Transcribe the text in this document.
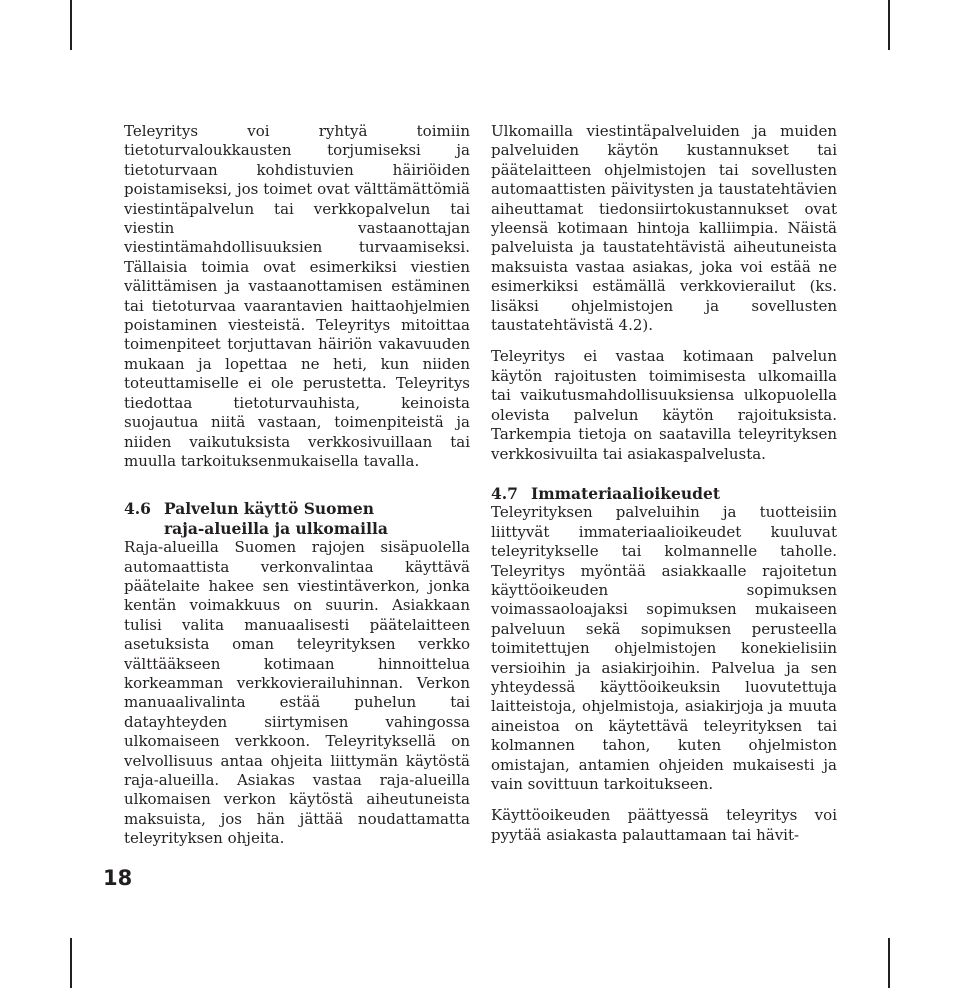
Teleyritys voi ryhtyä toimiin tietoturvaloukkausten torjumiseksi ja tietoturvaan kohdistuvien häiriöiden poistamiseksi, jos toimet ovat välttämättömiä viestintäpalvelun tai verkkopalvelun tai viestin vastaanottajan viestintämahdollisuuksien turvaamiseksi. Tällaisia toimia ovat esimerkiksi viestien välittämisen ja vastaanottamisen estäminen tai tietoturvaa vaarantavien haittaohjelmien poistaminen viesteistä. Teleyritys mitoittaa toimenpiteet torjuttavan häiriön vakavuuden mukaan ja lopettaa ne heti, kun niiden toteuttamiselle ei ole perustetta. Teleyritys tiedottaa tietoturvauhista, keinoista suojautua niitä vastaan, toimenpiteistä ja niiden vaikutuksista verkkosivuillaan tai muulla tarkoituksenmukaisella tavalla.

4.6 Palvelun käyttö Suomen
raja-alueilla ja ulkomailla

Raja-alueilla Suomen rajojen sisäpuolella automaattista verkonvalintaa käyttävä päätelaite hakee sen viestintäverkon, jonka kentän voimakkuus on suurin. Asiakkaan tulisi valita manuaalisesti päätelaitteen asetuksista oman teleyrityksen verkko välttääkseen kotimaan hinnoittelua korkeamman verkkovierailuhinnan. Verkon manuaalivalinta estää puhelun tai datayhteyden siirtymisen vahingossa ulkomaiseen verkkoon. Teleyrityksellä on velvollisuus antaa ohjeita liittymän käytöstä raja-alueilla. Asiakas vastaa raja-alueilla ulkomaisen verkon käytöstä aiheutuneista maksuista, jos hän jättää noudattamatta teleyrityksen ohjeita.

Ulkomailla viestintäpalveluiden ja muiden palveluiden käytön kustannukset tai päätelaitteen ohjelmistojen tai sovellusten automaattisten päivitysten ja taustatehtävien aiheuttamat tiedonsiirtokustannukset ovat yleensä kotimaan hintoja kalliimpia. Näistä palveluista ja taustatehtävistä aiheutuneista maksuista vastaa asiakas, joka voi estää ne esimerkiksi estämällä verkkovierailut (ks. lisäksi ohjelmistojen ja sovellusten taustatehtävistä 4.2).

Teleyritys ei vastaa kotimaan palvelun käytön rajoitusten toimimisesta ulkomailla tai vaikutusmahdollisuuksiensa ulkopuolella olevista palvelun käytön rajoituksista. Tarkempia tietoja on saatavilla teleyrityksen verkkosivuilta tai asiakaspalvelusta.

4.7 Immateriaalioikeudet

Teleyrityksen palveluihin ja tuotteisiin liittyvät immateriaalioikeudet kuuluvat teleyritykselle tai kolmannelle taholle. Teleyritys myöntää asiakkaalle rajoitetun käyttöoikeuden sopimuksen voimassaoloajaksi sopimuksen mukaiseen palveluun sekä sopimuksen perusteella toimitettujen ohjelmistojen konekielisiin versioihin ja asiakirjoihin. Palvelua ja sen yhteydessä käyttöoikeuksin luovutettuja laitteistoja, ohjelmistoja, asiakirjoja ja muuta aineistoa on käytettävä teleyrityksen tai kolmannen tahon, kuten ohjelmiston omistajan, antamien ohjeiden mukaisesti ja vain sovittuun tarkoitukseen.

Käyttöoikeuden päättyessä teleyritys voi pyytää asiakasta palauttamaan tai hävit-

18
